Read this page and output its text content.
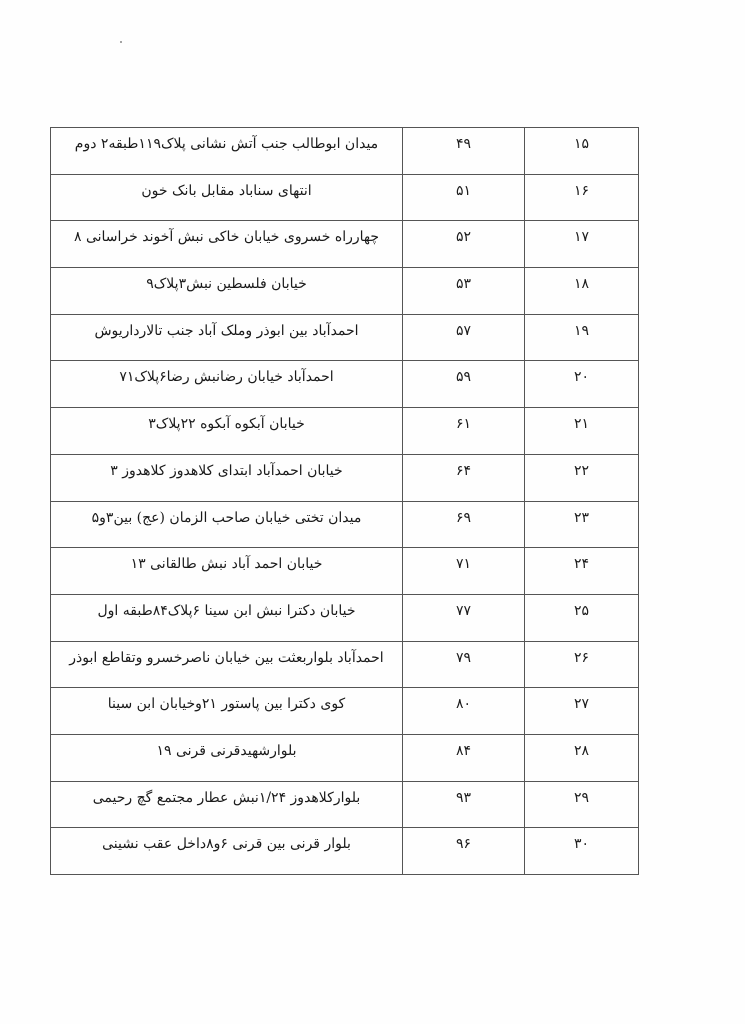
۱۵	۴۹	میدان ابوطالب جنب آتش نشانی پلاک۱۱۹طبقه۲ دوم

۱۶	۵۱	انتهای سناباد مقابل بانک خون

۱۷	۵۲	چهارراه خسروی خیابان خاکی نبش آخوند خراسانی ۸

۱۸	۵۳	خیابان فلسطین نبش۳پلاک۹

۱۹	۵۷	احمدآباد بین ابوذر وملک آباد جنب تالارداریوش

۲۰	۵۹	احمدآباد خیابان رضانبش رضا۶پلاک۷۱

۲۱	۶۱	خیابان آبکوه آبکوه ۲۲پلاک۳

۲۲	۶۴	خیابان احمدآباد ابتدای کلاهدوز کلاهدوز ۳

۲۳	۶۹	میدان تختی خیابان صاحب الزمان (عج) بین۳و۵

۲۴	۷۱	خیابان احمد آباد نبش طالقانی ۱۳

۲۵	۷۷	خیابان دکترا نبش ابن سینا ۶پلاک۸۴طبقه اول

۲۶	۷۹	احمدآباد بلواربعثت بین خیابان ناصرخسرو وتقاطع ابوذر

۲۷	۸۰	کوی دکترا بین پاستور ۲۱وخیابان ابن سینا

۲۸	۸۴	بلوارشهیدقرنی قرنی ۱۹

۲۹	۹۳	بلوارکلاهدوز ۱/۲۴نبش عطار مجتمع گچ رحیمی

۳۰	۹۶	بلوار قرنی بین قرنی ۶و۸داخل عقب نشینی
